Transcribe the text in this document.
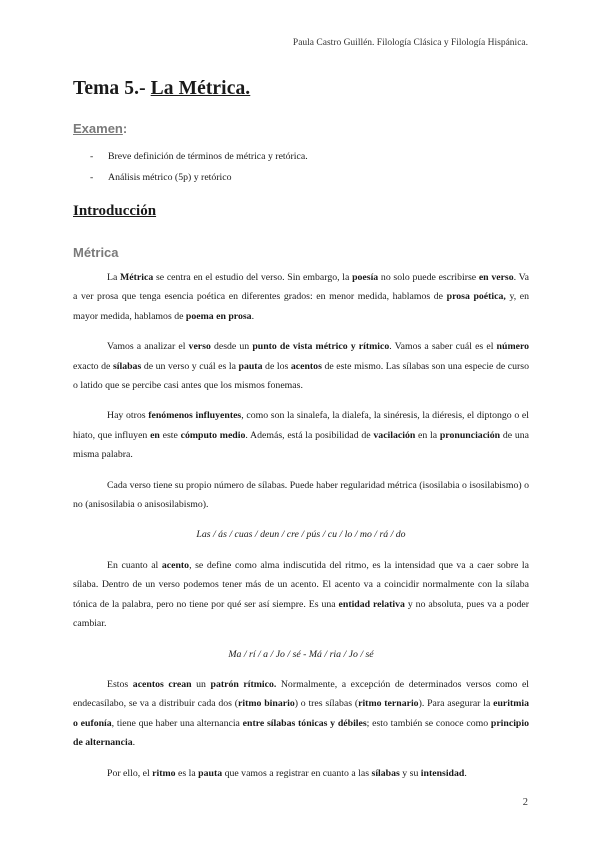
Paula Castro Guillén. Filología Clásica y Filología Hispánica.
Tema 5.- La Métrica.
Examen:
-	Breve definición de términos de métrica y retórica.
-	Análisis métrico (5p) y retórico
Introducción
Métrica

La Métrica se centra en el estudio del verso. Sin embargo, la poesía no solo puede escribirse en verso. Va a ver prosa que tenga esencia poética en diferentes grados: en menor medida, hablamos de prosa poética, y, en mayor medida, hablamos de poema en prosa.

Vamos a analizar el verso desde un punto de vista métrico y rítmico. Vamos a saber cuál es el número exacto de sílabas de un verso y cuál es la pauta de los acentos de este mismo. Las sílabas son una especie de curso o latido que se percibe casi antes que los mismos fonemas.

Hay otros fenómenos influyentes, como son la sinalefa, la dialefa, la sinéresis, la diéresis, el diptongo o el hiato, que influyen en este cómputo medio. Además, está la posibilidad de vacilación en la pronunciación de una misma palabra.

Cada verso tiene su propio número de sílabas. Puede haber regularidad métrica (isosilabia o isosilabismo) o no (anisosilabia o anisosilabismo).

Las / ás / cuas / deun / cre / pús / cu / lo / mo / rá / do

En cuanto al acento, se define como alma indiscutida del ritmo, es la intensidad que va a caer sobre la sílaba. Dentro de un verso podemos tener más de un acento. El acento va a coincidir normalmente con la sílaba tónica de la palabra, pero no tiene por qué ser así siempre. Es una entidad relativa y no absoluta, pues va a poder cambiar.

Ma / rí / a / Jo / sé - Má / ria / Jo / sé

Estos acentos crean un patrón rítmico. Normalmente, a excepción de determinados versos como el endecasílabo, se va a distribuir cada dos (ritmo binario) o tres sílabas (ritmo ternario). Para asegurar la euritmia o eufonía, tiene que haber una alternancia entre sílabas tónicas y débiles; esto también se conoce como principio de alternancia.

Por ello, el ritmo es la pauta que vamos a registrar en cuanto a las sílabas y su intensidad.

2
